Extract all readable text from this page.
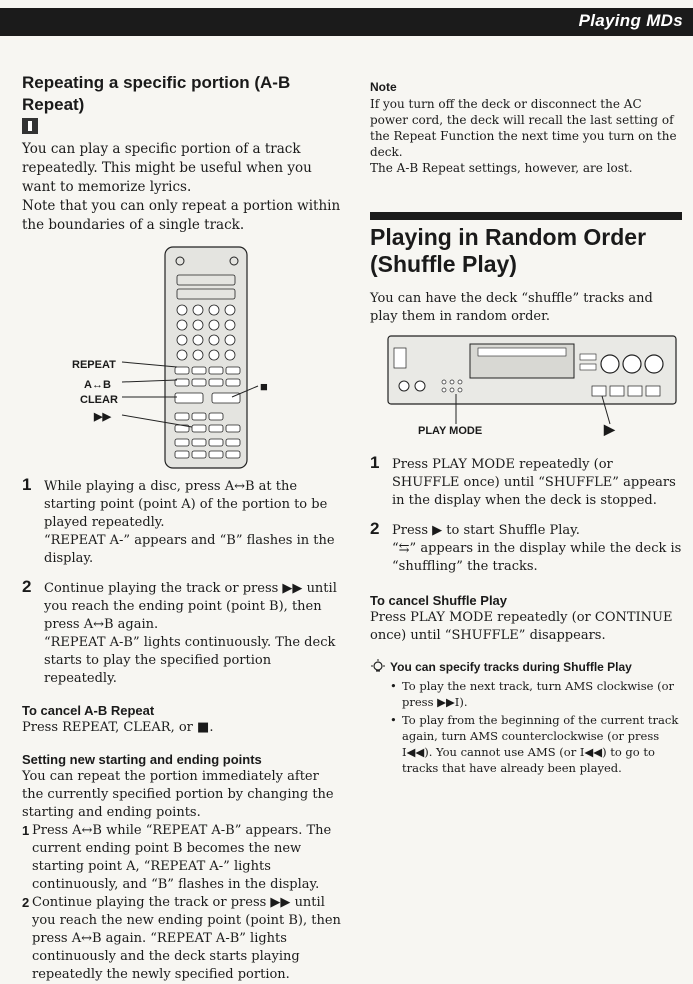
Playing MDs
Repeating a specific portion (A-B Repeat)

You can play a specific portion of a track repeatedly. This might be useful when you want to memorize lyrics.

Note that you can only repeat a portion within the boundaries of a single track.

REPEAT
A↔B
CLEAR
▶▶
■
1 While playing a disc, press A↔B at the starting point (point A) of the portion to be played repeatedly.

“REPEAT A-” appears and “B” flashes in the display.

2 Continue playing the track or press ▶▶ until you reach the ending point (point B), then press A↔B again.

“REPEAT A-B” lights continuously. The deck starts to play the specified portion repeatedly.

To cancel A-B Repeat

Press REPEAT, CLEAR, or ■.

Setting new starting and ending points

You can repeat the portion immediately after the currently specified portion by changing the starting and ending points.

1 Press A↔B while “REPEAT A-B” appears. The current ending point B becomes the new starting point A, “REPEAT A-” lights continuously, and “B” flashes in the display.

2 Continue playing the track or press ▶▶ until you reach the new ending point (point B), then press A↔B again. “REPEAT A-B” lights continuously and the deck starts playing repeatedly the newly specified portion.

Note

If you turn off the deck or disconnect the AC power cord, the deck will recall the last setting of the Repeat Function the next time you turn on the deck.

The A-B Repeat settings, however, are lost.

Playing in Random Order
(Shuffle Play)

You can have the deck “shuffle” tracks and play them in random order.

PLAY MODE	▶
1 Press PLAY MODE repeatedly (or SHUFFLE once) until “SHUFFLE” appears in the display when the deck is stopped.

2 Press ▶ to start Shuffle Play.

“⇆” appears in the display while the deck is “shuffling” the tracks.

To cancel Shuffle Play

Press PLAY MODE repeatedly (or CONTINUE once) until “SHUFFLE” disappears.

You can specify tracks during Shuffle Play
• To play the next track, turn AMS clockwise (or press ▶▶I).
• To play from the beginning of the current track again, turn AMS counterclockwise (or press I◀◀). You cannot use AMS (or I◀◀) to go to tracks that have already been played.
